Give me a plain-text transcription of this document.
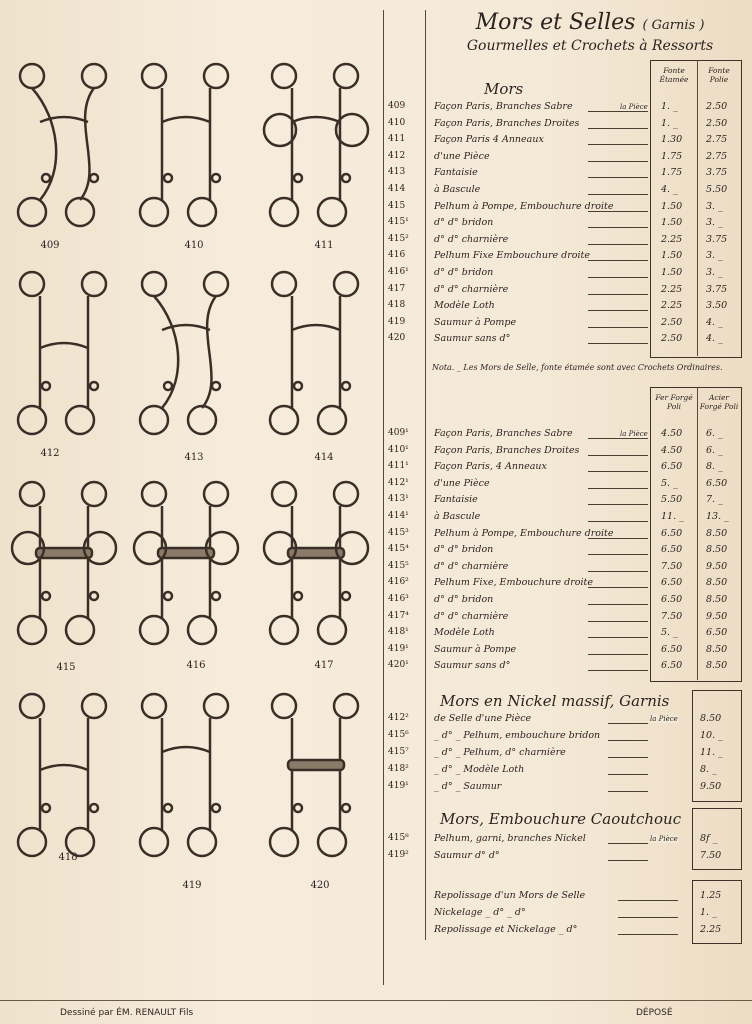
409	410	411
412	413	414
415	416	417
418
419	420
Mors et Selles ( Garnis )
Gourmelles et Crochets à Ressorts
Mors
Fonte Étamée
Fonte Polie
409	Façon Paris, Branches Sabre	la Pièce 1. _	2.50
410	Façon Paris, Branches Droites	1. _	2.50
411	Façon Paris 4 Anneaux	1.30	2.75
412	d'une Pièce	1.75	2.75
413	Fantaisie	1.75	3.75
414	à Bascule	4. _	5.50
415	Pelhum à Pompe, Embouchure droite	1.50	3. _
415¹	d° d° bridon	1.50	3. _
415²	d° d° charnière	2.25	3.75
416	Pelhum Fixe Embouchure droite	1.50	3. _
416¹	d° d° bridon	1.50	3. _
417	d° d° charnière	2.25	3.75
418	Modèle Loth	2.25	3.50
419	Saumur à Pompe	2.50	4. _
420	Saumur sans d°	2.50	4. _
Nota. _ Les Mors de Selle, fonte étamée sont avec Crochets Ordinaires.
Fer Forgé Poli
Acier Forgé Poli
409¹	Façon Paris, Branches Sabre	la Pièce 4.50	6. _
410¹	Façon Paris, Branches Droites	4.50	6. _
411¹	Façon Paris, 4 Anneaux	6.50	8. _
412¹	d'une Pièce	5. _	6.50
413¹	Fantaisie	5.50	7. _
414¹	à Bascule	11. _	13. _
415³	Pelhum à Pompe, Embouchure droite	6.50	8.50
415⁴	d° d° bridon	6.50	8.50
415⁵	d° d° charnière	7.50	9.50
416²	Pelhum Fixe, Embouchure droite	6.50	8.50
416³	d° d° bridon	6.50	8.50
417⁴	d° d° charnière	7.50	9.50
418¹	Modèle Loth	5. _	6.50
419¹	Saumur à Pompe	6.50	8.50
420¹	Saumur sans d°	6.50	8.50
Mors en Nickel massif, Garnis
412²	de Selle d'une Pièce	la Pièce 8.50
415⁶	_ d° _ Pelhum, embouchure bridon	10. _
415⁷	_ d° _ Pelhum, d° charnière	11. _
418²	_ d° _ Modèle Loth	8. _
419¹	_ d° _ Saumur	9.50
Mors, Embouchure Caoutchouc
415⁸	Pelhum, garni, branches Nickel	la Pièce 8f _
419²	Saumur d° d°	7.50
Repolissage d'un Mors de Selle	1.25
Nickelage _ d° _ d°	1. _
Repolissage et Nickelage _ d°	2.25
Dessiné par ÉM. RENAULT Fils	DÉPOSÉ
